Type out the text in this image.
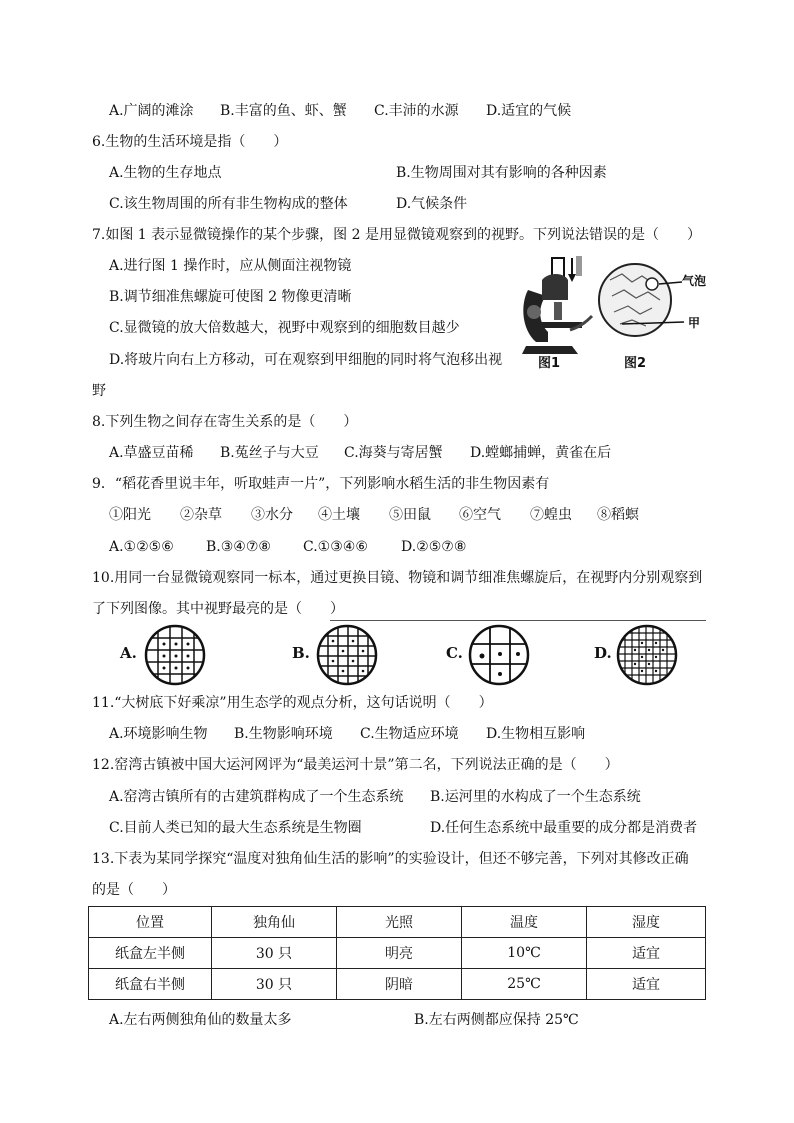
A.广阔的滩涂 B.丰富的鱼、虾、蟹 C.丰沛的水源 D.适宜的气候
6.生物的生活环境是指（　　）
A.生物的生存地点	B.生物周围对其有影响的各种因素
C.该生物周围的所有非生物构成的整体	D.气候条件
7.如图 1 表示显微镜操作的某个步骤，图 2 是用显微镜观察到的视野。下列说法错误的是（　　）
A.进行图 1 操作时，应从侧面注视物镜
B.调节细准焦螺旋可使图 2 物像更清晰
C.显微镜的放大倍数越大，视野中观察到的细胞数目越少
D.将玻片向右上方移动，可在观察到甲细胞的同时将气泡移出视
野
气泡
甲
图1	图2
8.下列生物之间存在寄生关系的是（　　）
A.草盛豆苗稀 B.菟丝子与大豆 C.海葵与寄居蟹 D.螳螂捕蝉，黄雀在后
9．“稻花香里说丰年，听取蛙声一片”，下列影响水稻生活的非生物因素有
①阳光 ②杂草 ③水分 ④土壤 ⑤田鼠 ⑥空气 ⑦蝗虫 ⑧稻螟
A.①②⑤⑥ B.③④⑦⑧ C.①③④⑥ D.②⑤⑦⑧
10.用同一台显微镜观察同一标本，通过更换目镜、物镜和调节细准焦螺旋后，在视野内分别观察到
了下列图像。其中视野最亮的是（　　）
A.	B.	C.	D.
11.“大树底下好乘凉”用生态学的观点分析，这句话说明（　　）
A.环境影响生物 B.生物影响环境 C.生物适应环境 D.生物相互影响
12.窑湾古镇被中国大运河网评为“最美运河十景”第二名，下列说法正确的是（　　）
A.窑湾古镇所有的古建筑群构成了一个生态系统 B.运河里的水构成了一个生态系统
C.目前人类已知的最大生态系统是生物圈	D.任何生态系统中最重要的成分都是消费者
13.下表为某同学探究“温度对独角仙生活的影响”的实验设计，但还不够完善，下列对其修改正确
的是（　　）
位置	独角仙	光照	温度	湿度
纸盒左半侧	30 只	明亮	10℃	适宜
纸盒右半侧	30 只	阴暗	25℃	适宜
A.左右两侧独角仙的数量太多	B.左右两侧都应保持 25℃
